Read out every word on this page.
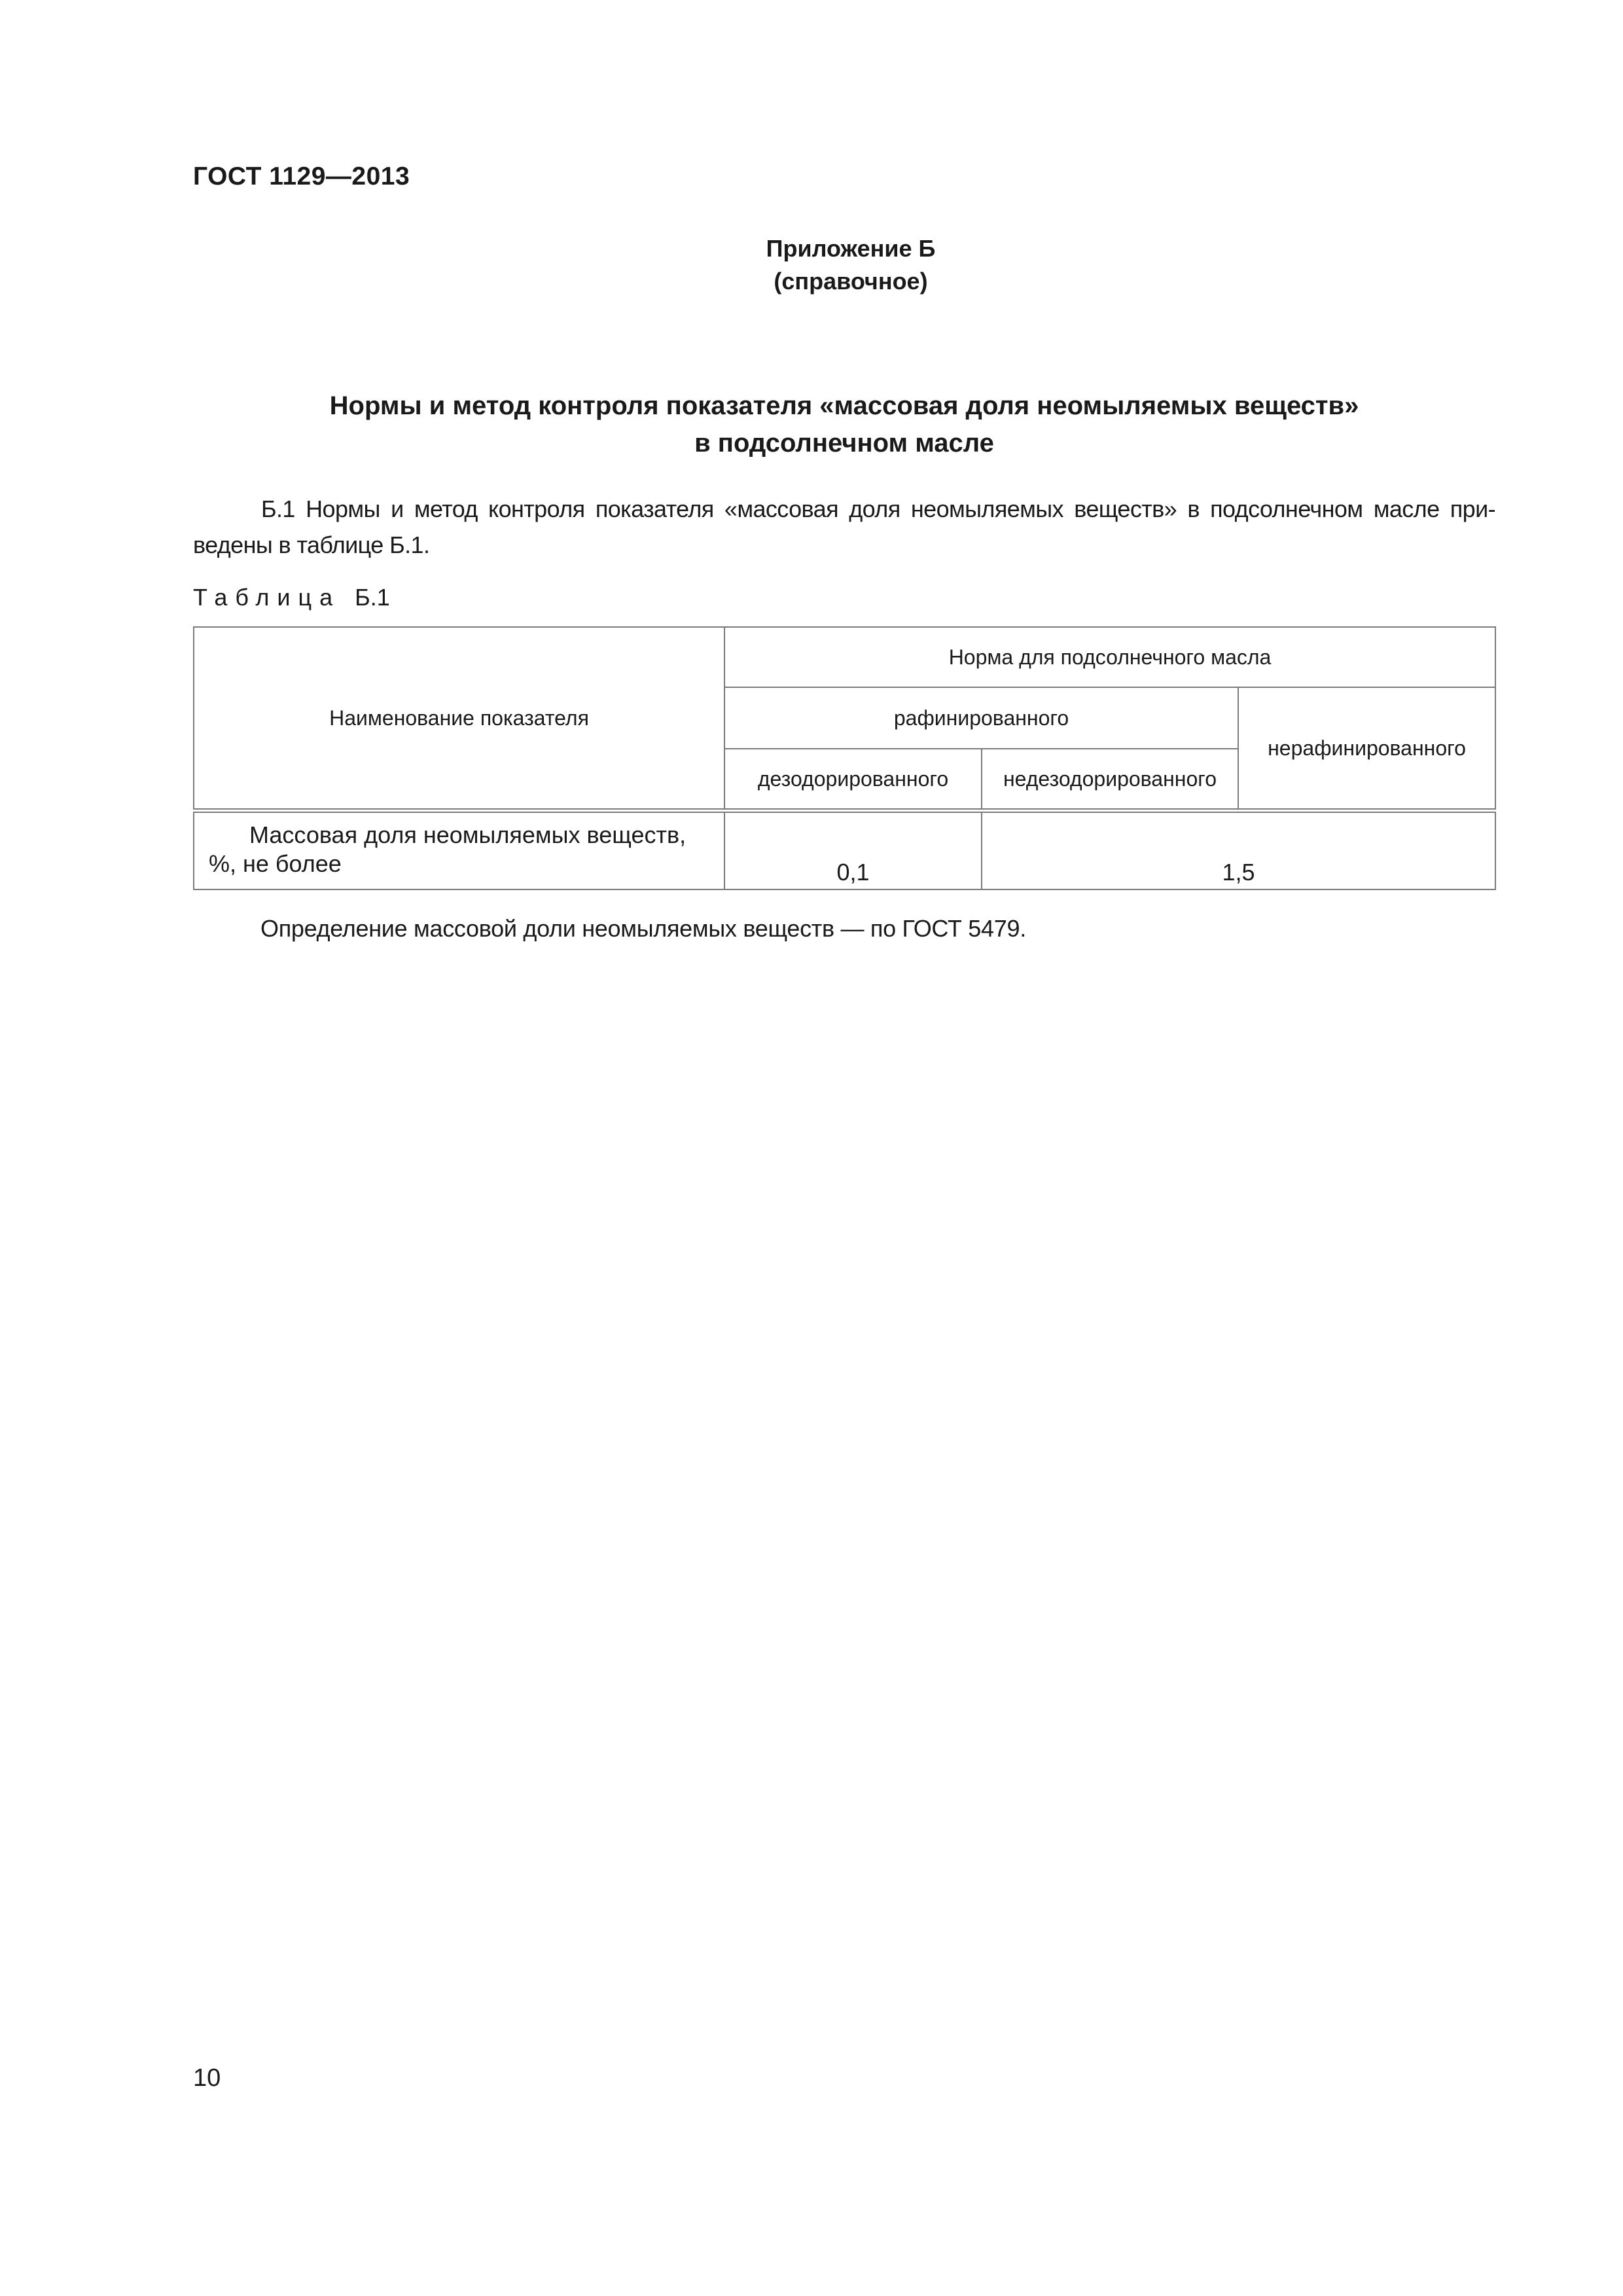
ГОСТ 1129—2013
Приложение Б
(справочное)
Нормы и метод контроля показателя «массовая доля неомыляемых веществ»
в подсолнечном масле
Б.1 Нормы и метод контроля показателя «массовая доля неомыляемых веществ» в подсолнечном масле при-ведены в таблице Б.1.
Таблица Б.1
Наименование показателя	Норма для подсолнечного масла		
	рафинированного		нерафинированного
	дезодорированного	недезодорированного	

Массовая доля неомыляемых веществ,
%, не более	0,1	1,5	
Определение массовой доли неомыляемых веществ — по ГОСТ 5479.
10
